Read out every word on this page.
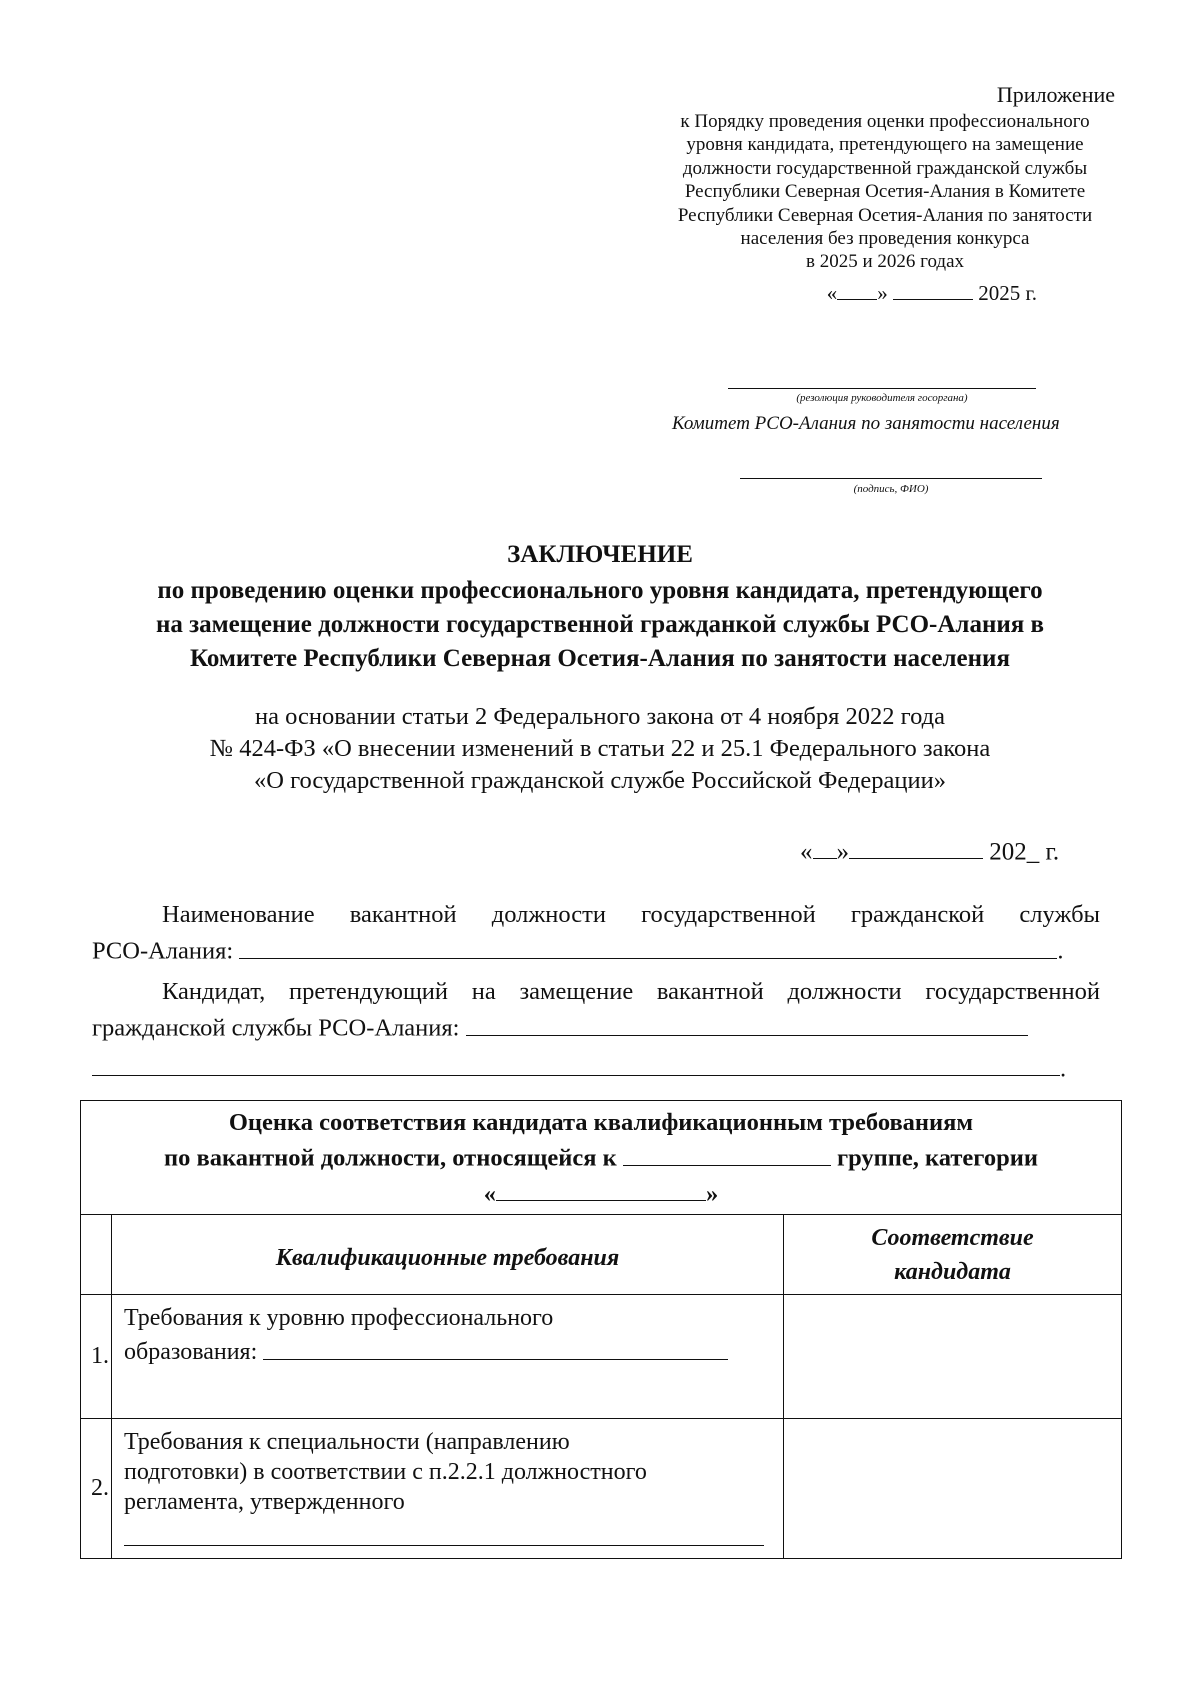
Приложение
к Порядку проведения оценки профессионального
уровня кандидата, претендующего на замещение
должности государственной гражданской службы
Республики Северная Осетия-Алания в Комитете
Республики Северная Осетия-Алания по занятости
населения без проведения конкурса
в 2025 и 2026 годах
« »	2025 г.
(резолюция руководителя госоргана)
Комитет РСО-Алания по занятости населения
(подпись, ФИО)
ЗАКЛЮЧЕНИЕ
по проведению оценки профессионального уровня кандидата, претендующего
на замещение должности государственной гражданкой службы РСО-Алания в
Комитете Республики Северная Осетия-Алания по занятости населения
на основании статьи 2 Федерального закона от 4 ноября 2022 года
№ 424-ФЗ «О внесении изменений в статьи 22 и 25.1 Федерального закона
«О государственной гражданской службе Российской Федерации»
« »	202_ г.
Наименование вакантной должности государственной гражданской службы
РСО-Алания:	.
Кандидат, претендующий на замещение вакантной должности государственной
гражданской службы РСО-Алания:
.
Оценка соответствия кандидата квалификационным требованиям
по вакантной должности, относящейся к группе, категории
« »		

	Квалификационные требования	Соответствие
кандидата

1.	Требования к уровню профессионального
образования:	

2.	Требования к специальности (направлению
подготовки) в соответствии с п.2.2.1 должностного
регламента, утвержденного	
